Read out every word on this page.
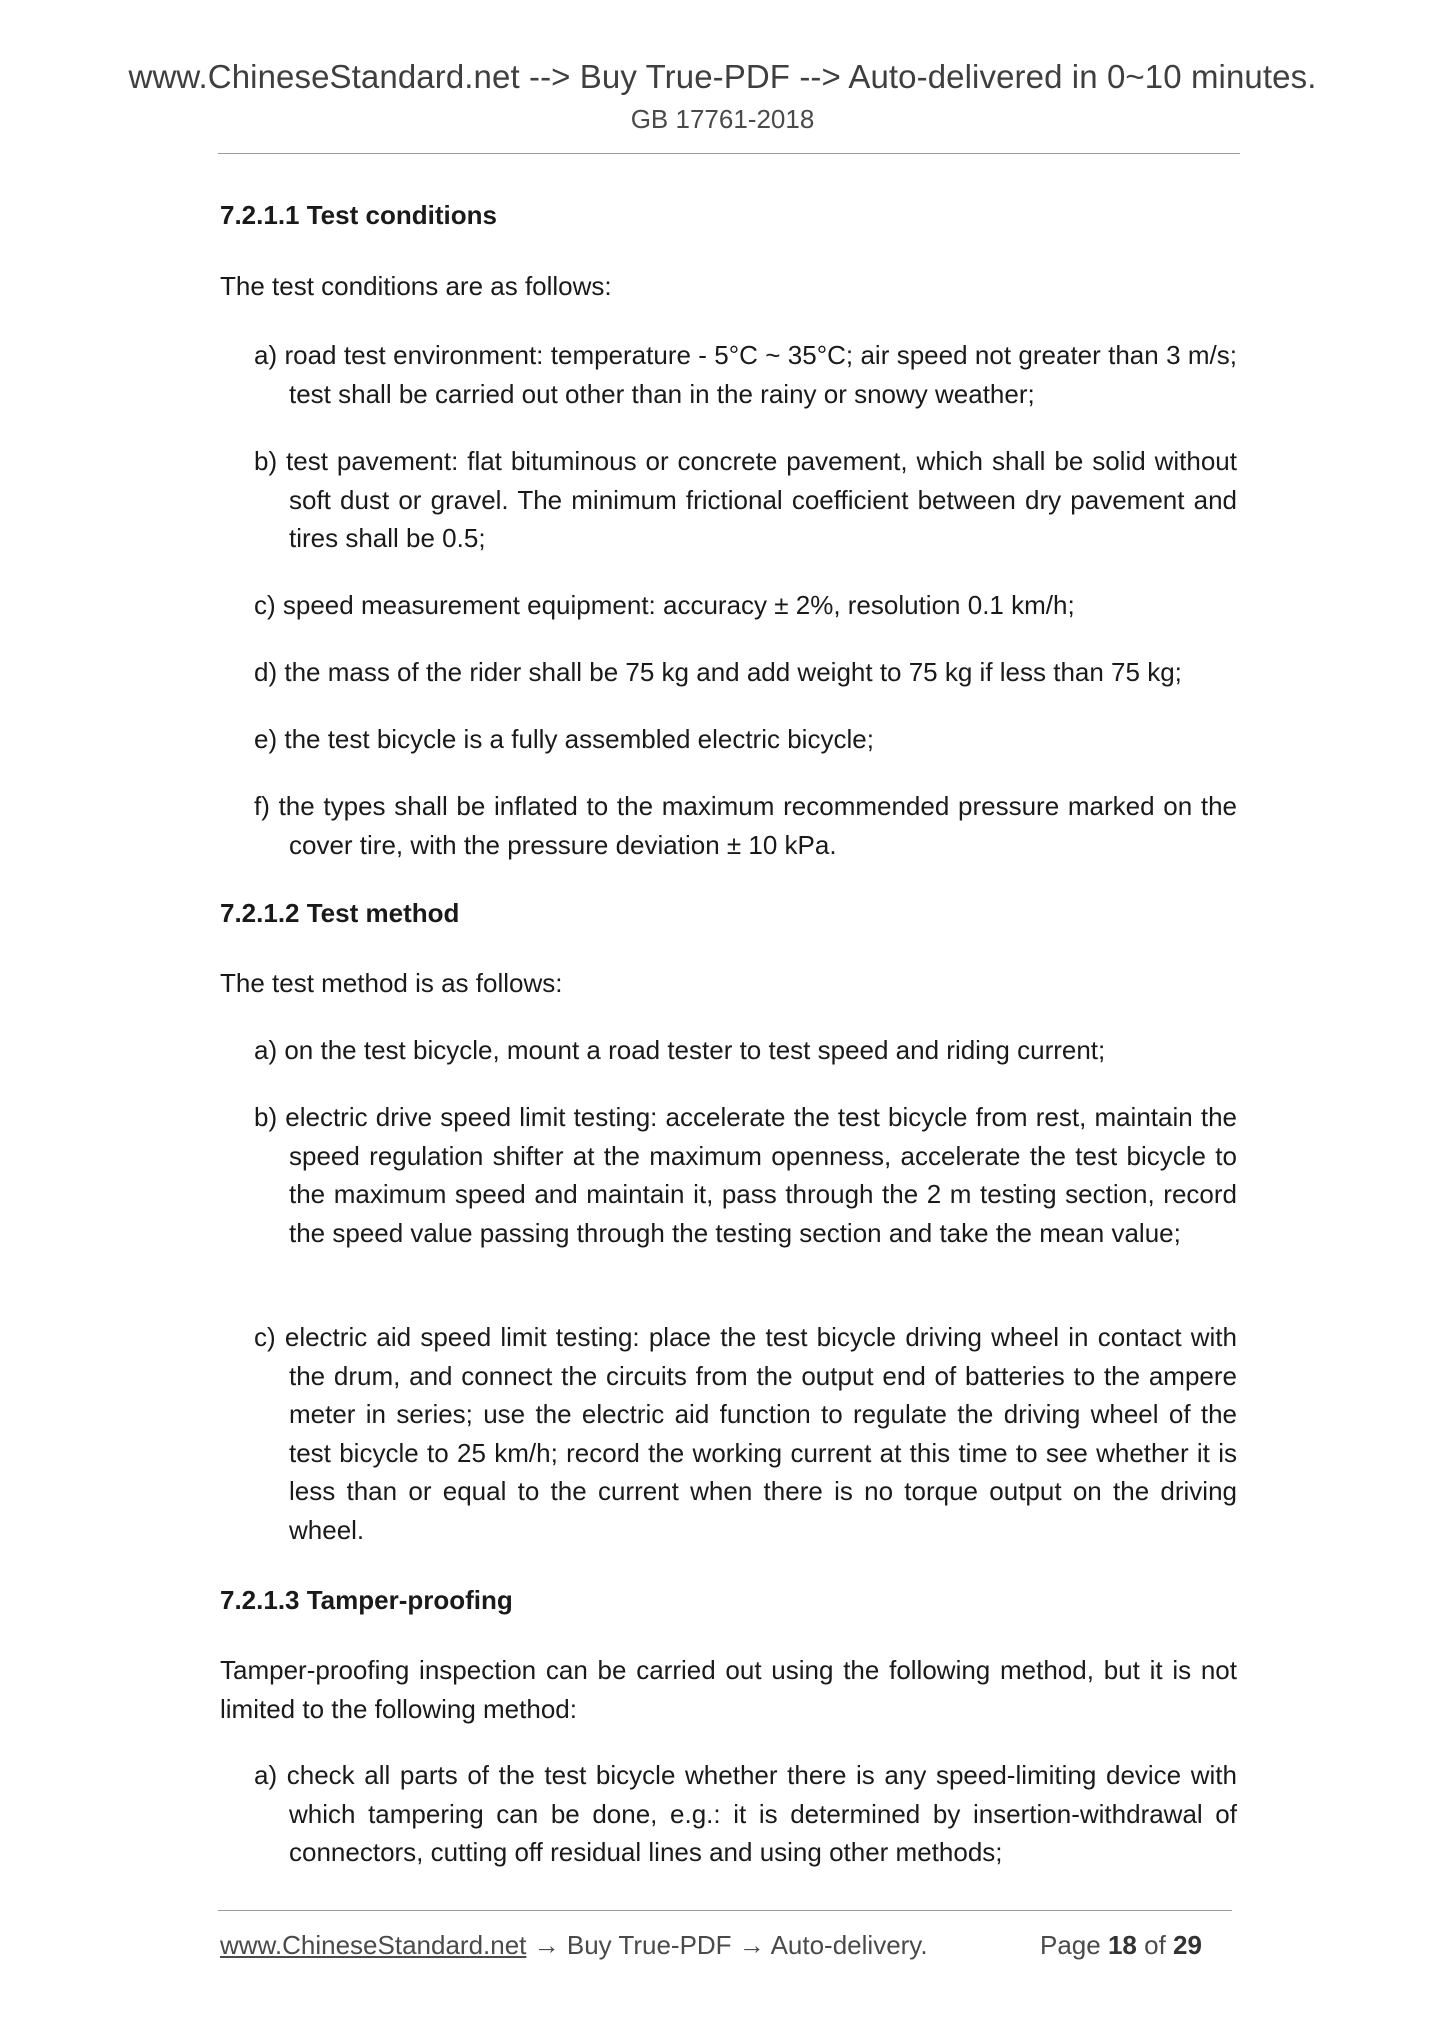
www.ChineseStandard.net --> Buy True-PDF --> Auto-delivered in 0~10 minutes.
GB 17761-2018
7.2.1.1 Test conditions
The test conditions are as follows:
a) road test environment: temperature - 5°C ~ 35°C; air speed not greater than 3 m/s; test shall be carried out other than in the rainy or snowy weather;
b) test pavement: flat bituminous or concrete pavement, which shall be solid without soft dust or gravel. The minimum frictional coefficient between dry pavement and tires shall be 0.5;
c) speed measurement equipment: accuracy ± 2%, resolution 0.1 km/h;
d) the mass of the rider shall be 75 kg and add weight to 75 kg if less than 75 kg;
e) the test bicycle is a fully assembled electric bicycle;
f) the types shall be inflated to the maximum recommended pressure marked on the cover tire, with the pressure deviation ± 10 kPa.
7.2.1.2 Test method
The test method is as follows:
a) on the test bicycle, mount a road tester to test speed and riding current;
b) electric drive speed limit testing: accelerate the test bicycle from rest, maintain the speed regulation shifter at the maximum openness, accelerate the test bicycle to the maximum speed and maintain it, pass through the 2 m testing section, record the speed value passing through the testing section and take the mean value;
c) electric aid speed limit testing: place the test bicycle driving wheel in contact with the drum, and connect the circuits from the output end of batteries to the ampere meter in series; use the electric aid function to regulate the driving wheel of the test bicycle to 25 km/h; record the working current at this time to see whether it is less than or equal to the current when there is no torque output on the driving wheel.
7.2.1.3 Tamper-proofing
Tamper-proofing inspection can be carried out using the following method, but it is not limited to the following method:
a) check all parts of the test bicycle whether there is any speed-limiting device with which tampering can be done, e.g.: it is determined by insertion-withdrawal of connectors, cutting off residual lines and using other methods;
www.ChineseStandard.net → Buy True-PDF → Auto-delivery.	Page 18 of 29
